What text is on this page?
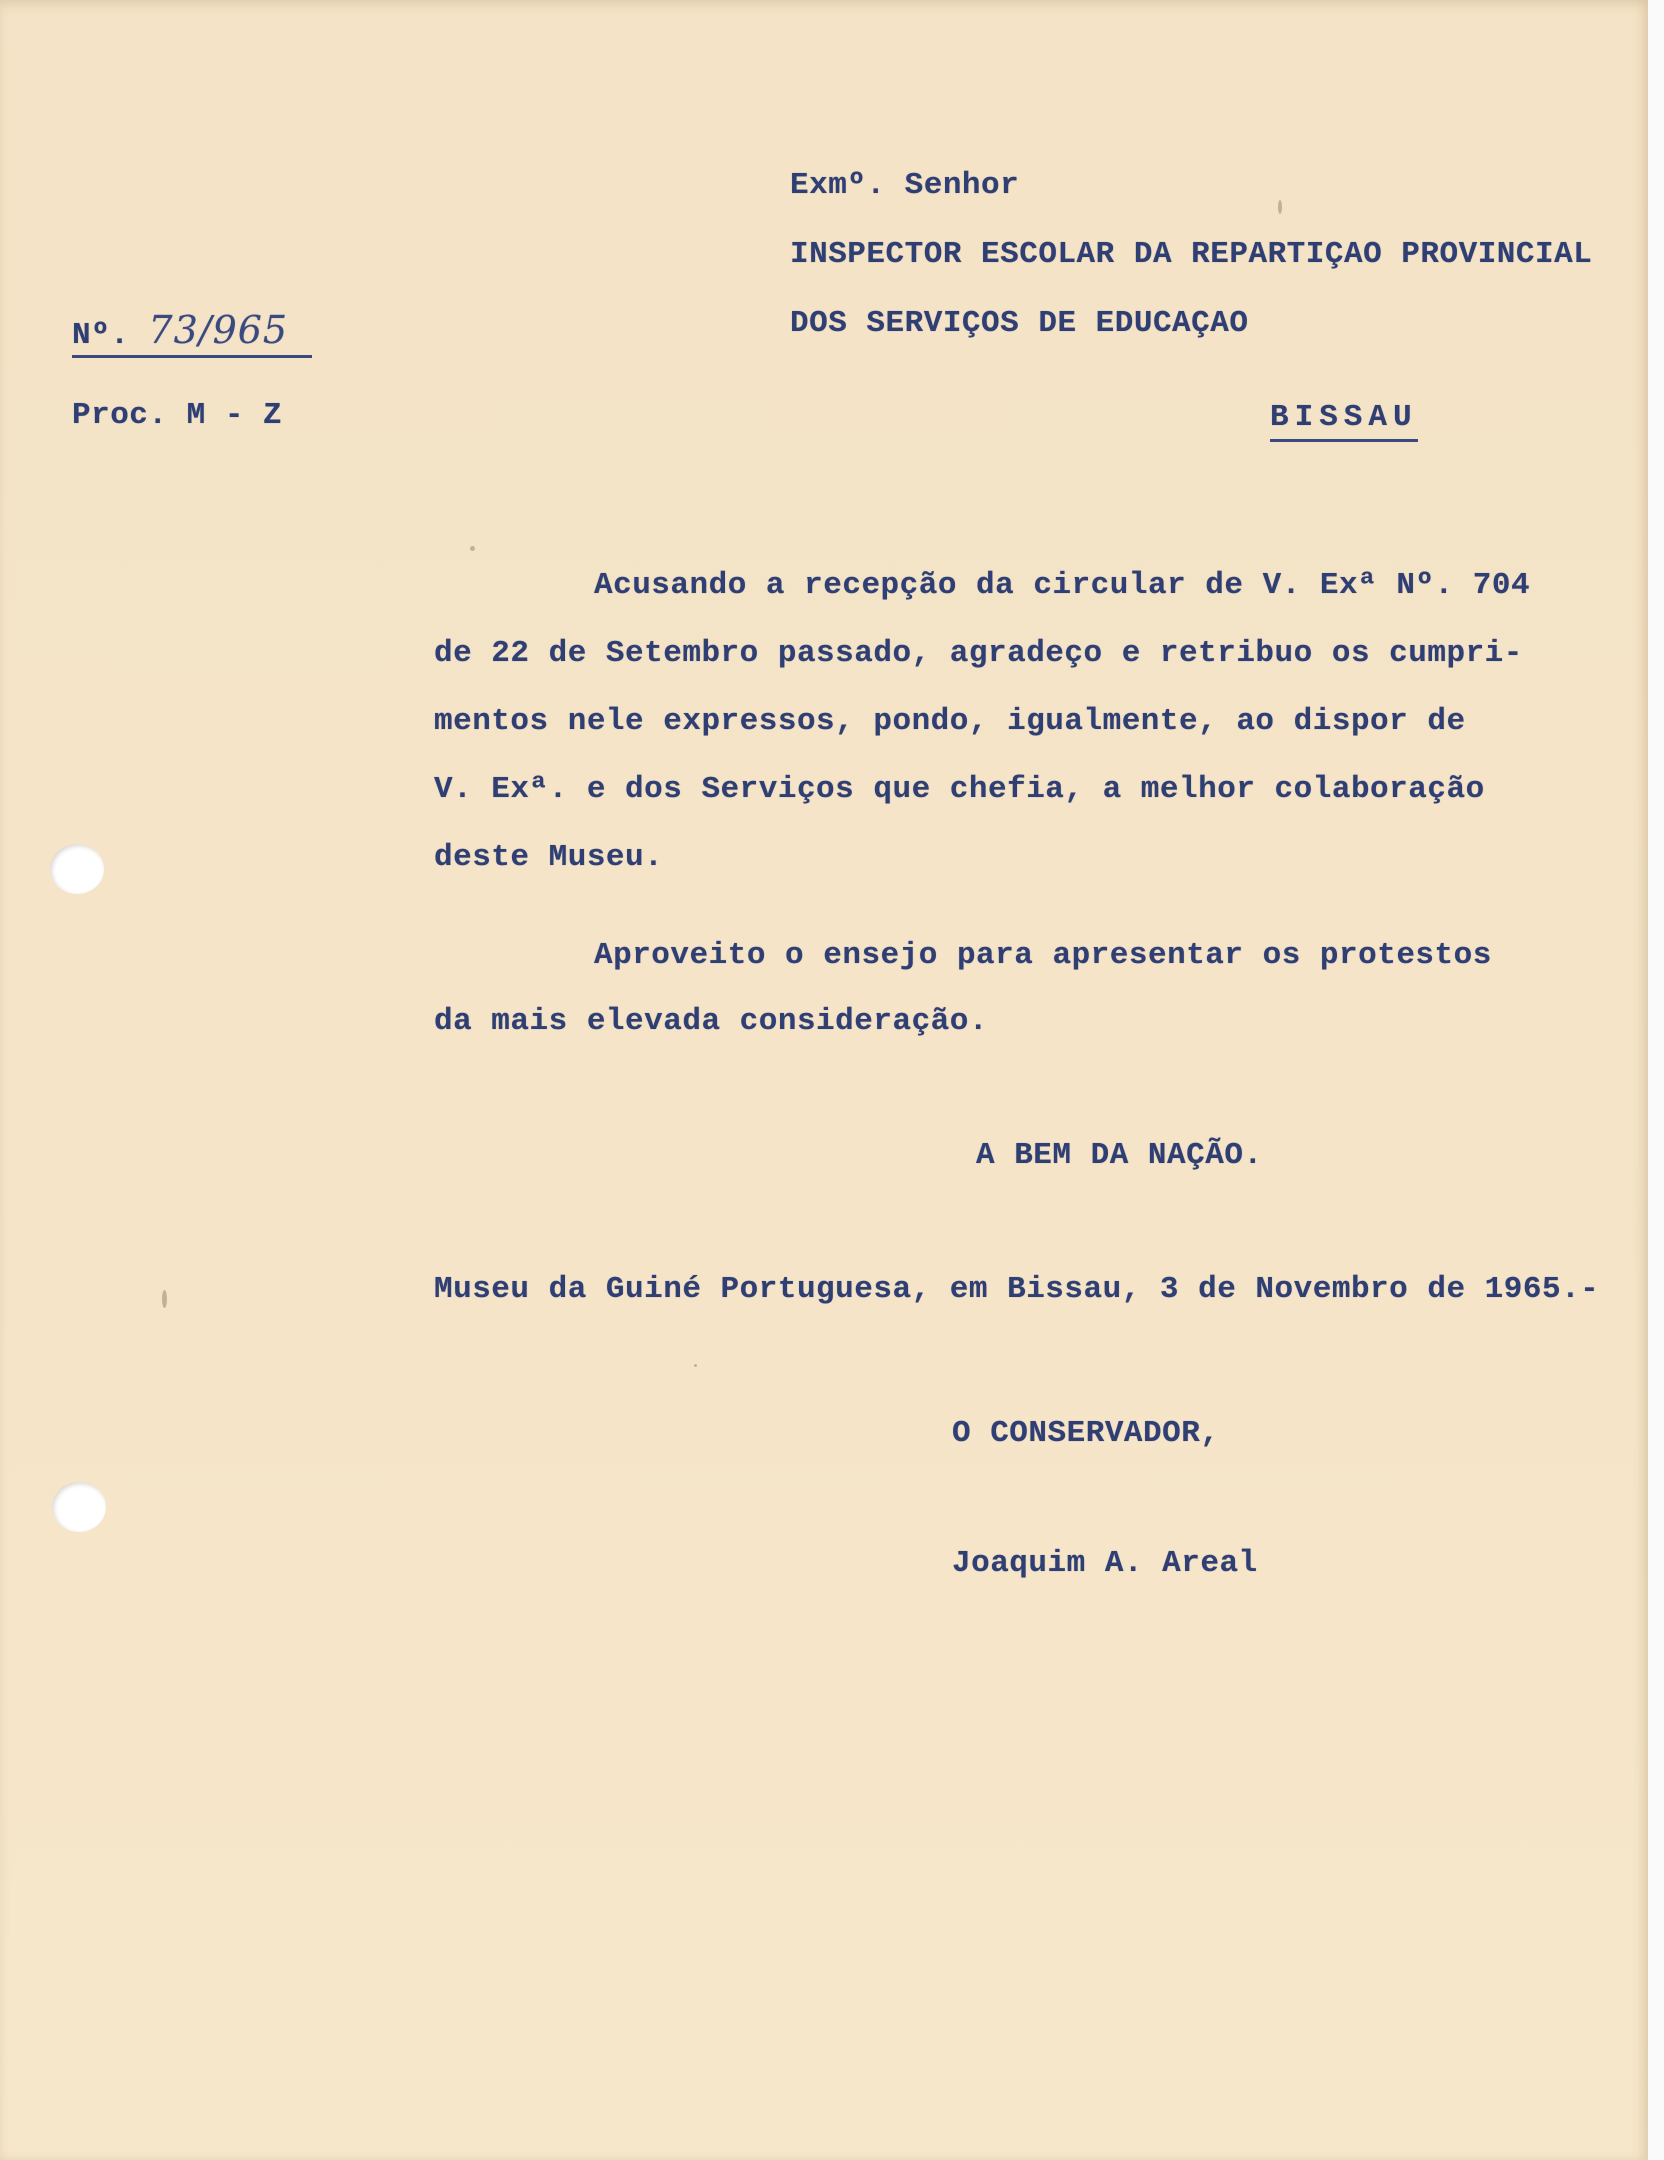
Nº. 73/965
Proc. M - Z
Exmº. Senhor
INSPECTOR ESCOLAR DA REPARTIÇAO PROVINCIAL
DOS SERVIÇOS DE EDUCAÇAO
BISSAU
Acusando a recepção da circular de V. Exª Nº. 704
de 22 de Setembro passado, agradeço e retribuo os cumpri-
mentos nele expressos, pondo, igualmente, ao dispor de
V. Exª. e dos Serviços que chefia, a melhor colaboração
deste Museu.
Aproveito o ensejo para apresentar os protestos
da mais elevada consideração.
A BEM DA NAÇÃO.
Museu da Guiné Portuguesa, em Bissau, 3 de Novembro de 1965.-
O CONSERVADOR,
Joaquim A. Areal
